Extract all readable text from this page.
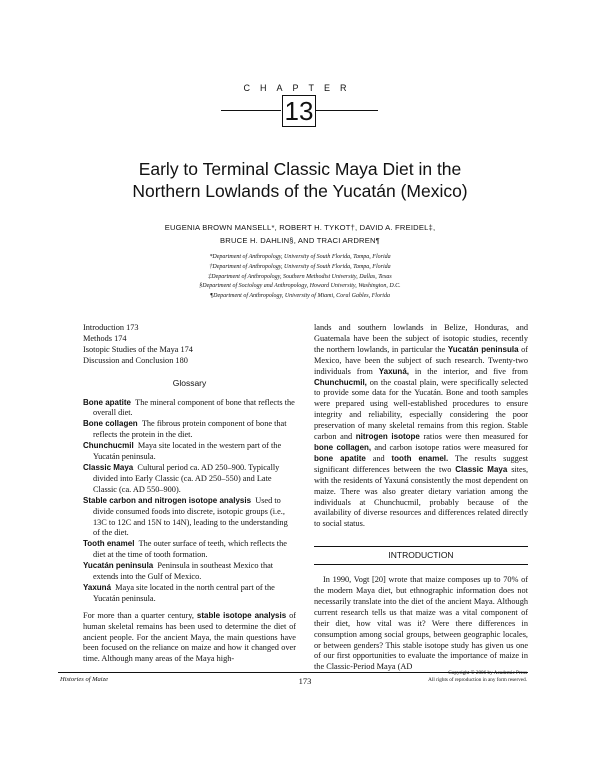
CHAPTER
13
Early to Terminal Classic Maya Diet in the
Northern Lowlands of the Yucatán (Mexico)
EUGENIA BROWN MANSELL*, ROBERT H. TYKOT†, DAVID A. FREIDEL‡,
BRUCE H. DAHLIN§, AND TRACI ARDREN¶
*Department of Anthropology, University of South Florida, Tampa, Florida
†Department of Anthropology, University of South Florida, Tampa, Florida
‡Department of Anthropology, Southern Methodist University, Dallas, Texas
§Department of Sociology and Anthropology, Howard University, Washington, D.C.
¶Department of Anthropology, University of Miami, Coral Gables, Florida
Introduction 173
Methods 174
Isotopic Studies of the Maya 174
Discussion and Conclusion 180
Glossary
Bone apatite The mineral component of bone that reflects the overall diet.
Bone collagen The fibrous protein component of bone that reflects the protein in the diet.
Chunchucmil Maya site located in the western part of the Yucatán peninsula.
Classic Maya Cultural period ca. AD 250–900. Typically divided into Early Classic (ca. AD 250–550) and Late Classic (ca. AD 550–900).
Stable carbon and nitrogen isotope analysis Used to divide consumed foods into discrete, isotopic groups (i.e., 13C to 12C and 15N to 14N), leading to the understanding of the diet.
Tooth enamel The outer surface of teeth, which reflects the diet at the time of tooth formation.
Yucatán peninsula Peninsula in southeast Mexico that extends into the Gulf of Mexico.
Yaxuná Maya site located in the north central part of the Yucatán peninsula.

For more than a quarter century, stable isotope analysis of human skeletal remains has been used to determine the diet of ancient people. For the ancient Maya, the main questions have been focused on the reliance on maize and how it changed over time. Although many areas of the Maya high-

lands and southern lowlands in Belize, Honduras, and Guatemala have been the subject of isotopic studies, recently the northern lowlands, in particular the Yucatán peninsula of Mexico, have been the subject of such research. Twenty-two individuals from Yaxuná, in the interior, and five from Chunchucmil, on the coastal plain, were specifically selected to provide some data for the Yucatán. Bone and tooth samples were prepared using well-established procedures to ensure integrity and reliability, especially considering the poor preservation of many skeletal remains from this region. Stable carbon and nitrogen isotope ratios were then measured for bone collagen, and carbon isotope ratios were measured for bone apatite and tooth enamel. The results suggest significant differences between the two Classic Maya sites, with the residents of Yaxuná consistently the most dependent on maize. There was also greater dietary variation among the individuals at Chunchucmil, probably because of the availability of diverse resources and differences related directly to social status.

INTRODUCTION

In 1990, Vogt [20] wrote that maize composes up to 70% of the modern Maya diet, but ethnographic information does not necessarily translate into the diet of the ancient Maya. Although current research tells us that maize was a vital component of their diet, how vital was it? Were there differences in consumption among social groups, between geographic locales, or between genders? This stable isotope study has given us one of our first opportunities to evaluate the importance of maize in the Classic-Period Maya (AD

Histories of Maize	173
Copyright © 2006 by Academic Press
All rights of reproduction in any form reserved.
